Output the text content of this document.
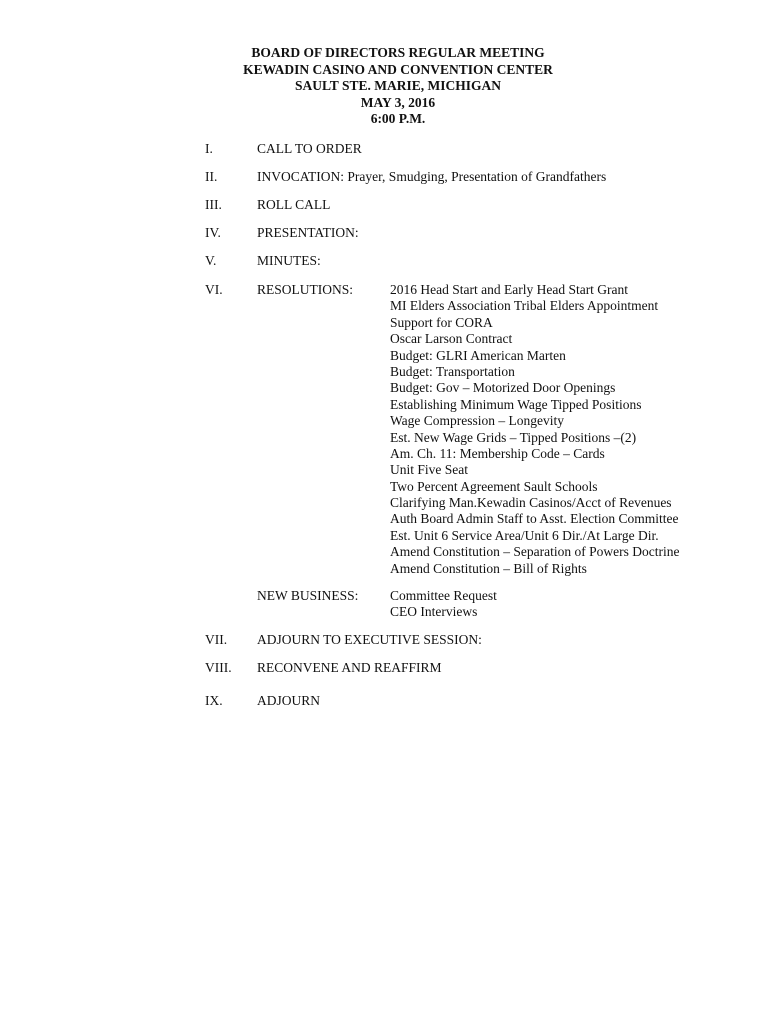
BOARD OF DIRECTORS REGULAR MEETING
KEWADIN CASINO AND CONVENTION CENTER
SAULT STE. MARIE, MICHIGAN
MAY 3, 2016
6:00 P.M.
I.	CALL TO ORDER
II.	INVOCATION: Prayer, Smudging, Presentation of Grandfathers
III.	ROLL CALL
IV.	PRESENTATION:
V.	MINUTES:
VI.	RESOLUTIONS:	2016 Head Start and Early Head Start Grant
MI Elders Association Tribal Elders Appointment
Support for CORA
Oscar Larson Contract
Budget: GLRI American Marten
Budget: Transportation
Budget: Gov – Motorized Door Openings
Establishing Minimum Wage Tipped Positions
Wage Compression – Longevity
Est. New Wage Grids – Tipped Positions –(2)
Am. Ch. 11: Membership Code – Cards
Unit Five Seat
Two Percent Agreement Sault Schools
Clarifying Man.Kewadin Casinos/Acct of Revenues
Auth Board Admin Staff to Asst. Election Committee
Est. Unit 6 Service Area/Unit 6 Dir./At Large Dir.
Amend Constitution – Separation of Powers Doctrine
Amend Constitution – Bill of Rights
NEW BUSINESS: Committee Request
CEO Interviews
VII.	ADJOURN TO EXECUTIVE SESSION:
VIII.	RECONVENE AND REAFFIRM
IX.	ADJOURN
